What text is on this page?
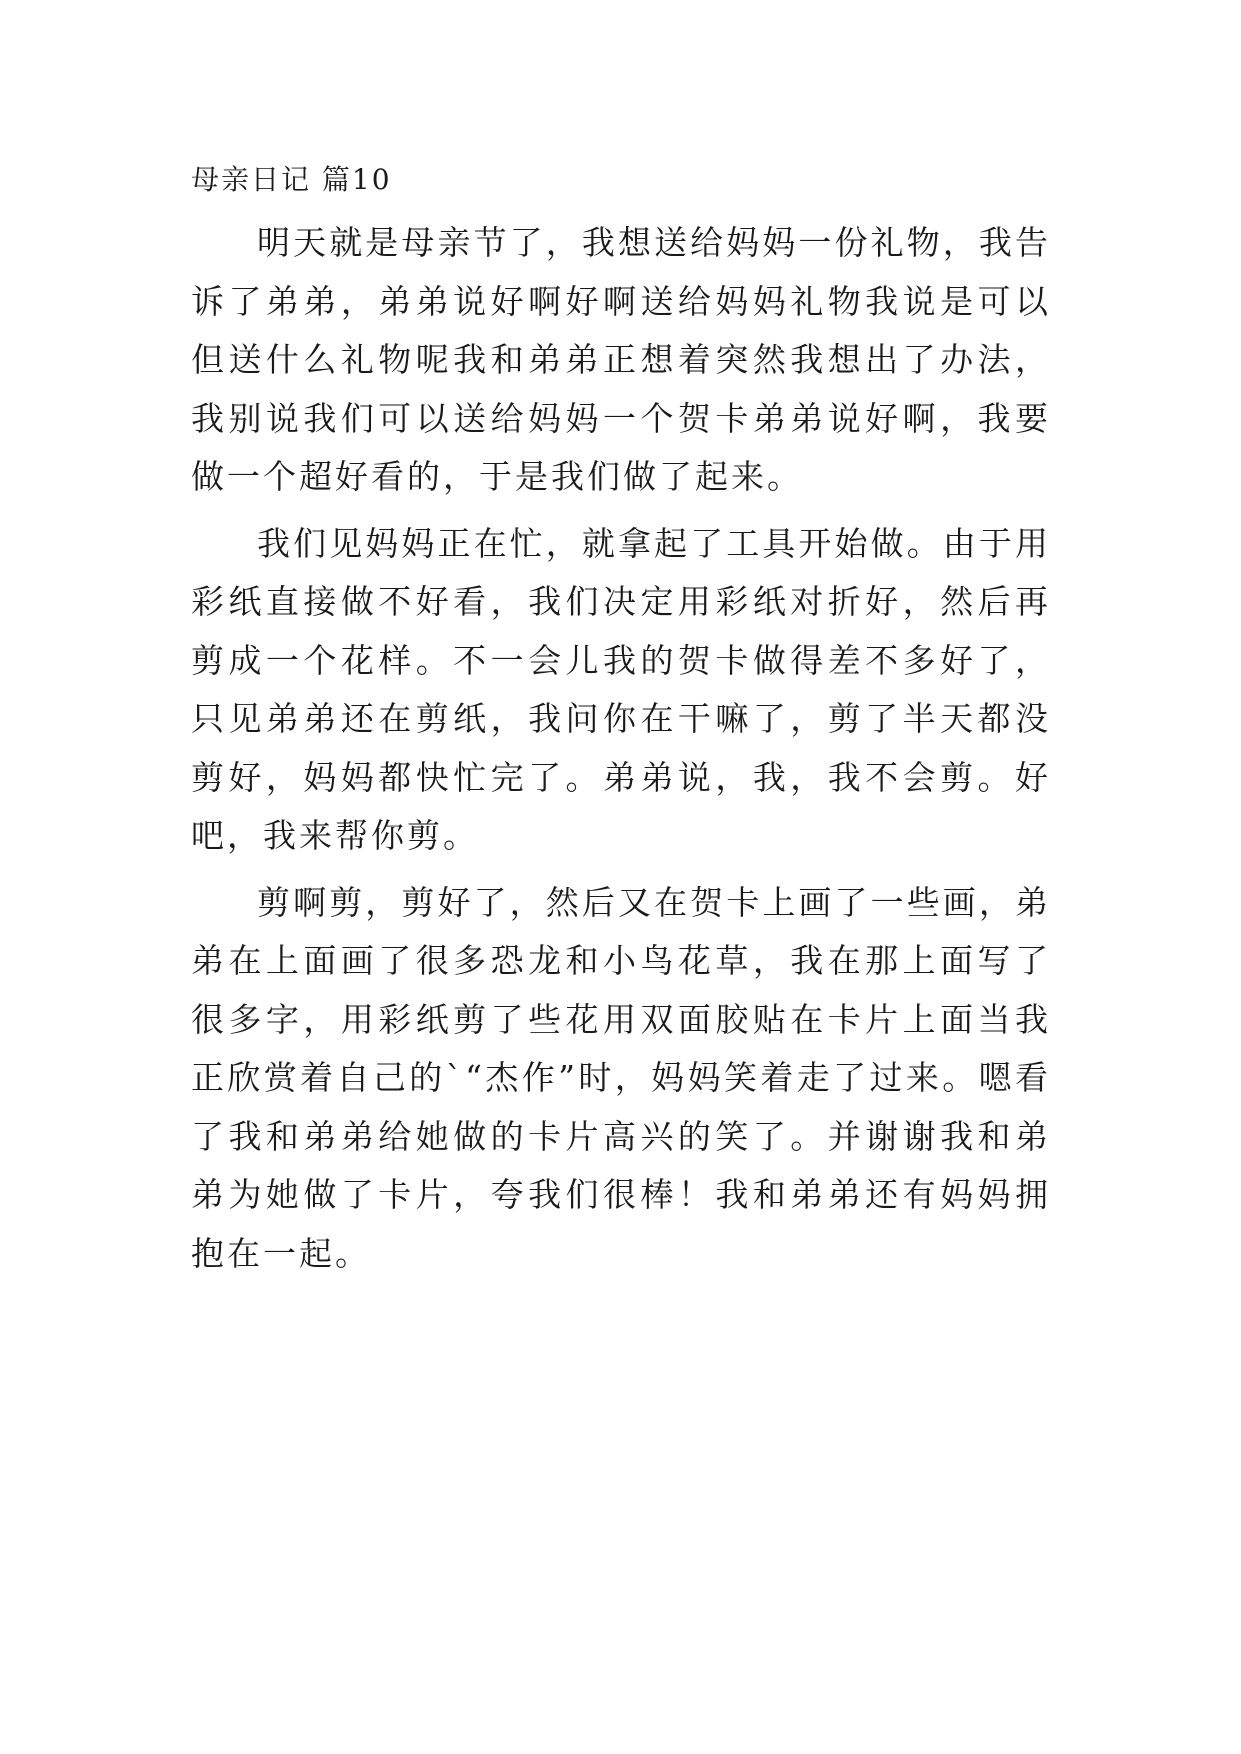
母亲日记 篇10

明天就是母亲节了，我想送给妈妈一份礼物，我告诉了弟弟，弟弟说好啊好啊送给妈妈礼物我说是可以但送什么礼物呢我和弟弟正想着突然我想出了办法，我别说我们可以送给妈妈一个贺卡弟弟说好啊，我要做一个超好看的，于是我们做了起来。

我们见妈妈正在忙，就拿起了工具开始做。由于用彩纸直接做不好看，我们决定用彩纸对折好，然后再剪成一个花样。不一会儿我的贺卡做得差不多好了，只见弟弟还在剪纸，我问你在干嘛了，剪了半天都没剪好，妈妈都快忙完了。弟弟说，我，我不会剪。好吧，我来帮你剪。

剪啊剪，剪好了，然后又在贺卡上画了一些画，弟弟在上面画了很多恐龙和小鸟花草，我在那上面写了很多字，用彩纸剪了些花用双面胶贴在卡片上面当我正欣赏着自己的`“杰作”时，妈妈笑着走了过来。嗯看了我和弟弟给她做的卡片高兴的笑了。并谢谢我和弟弟为她做了卡片，夸我们很棒！我和弟弟还有妈妈拥抱在一起。
